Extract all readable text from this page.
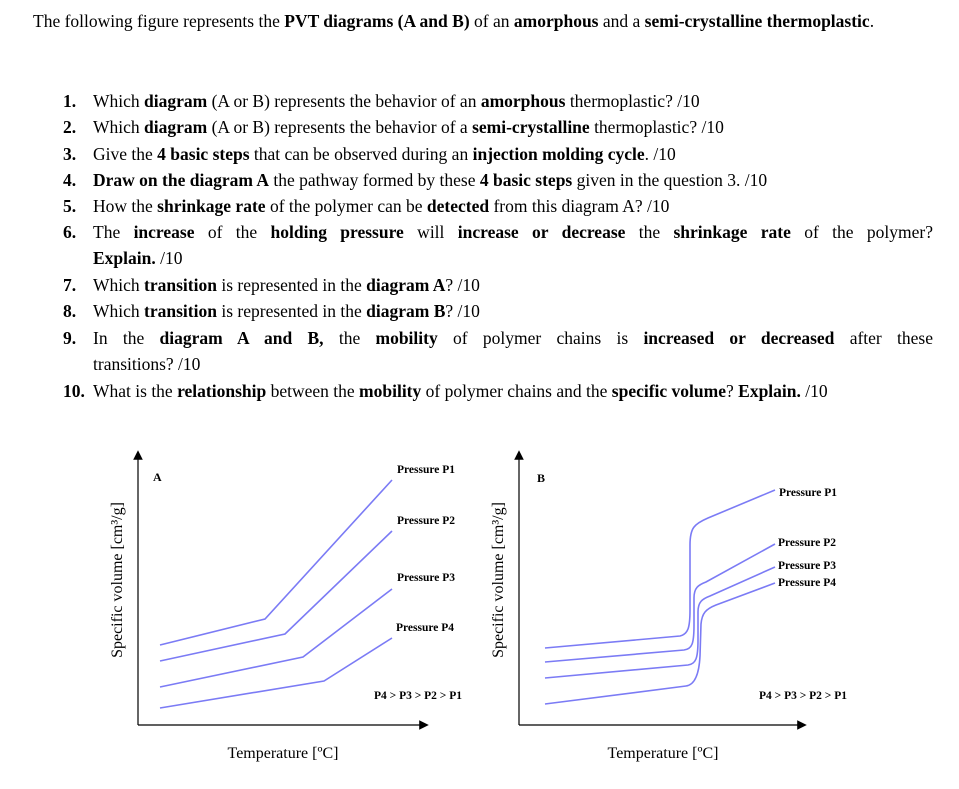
The following figure represents the PVT diagrams (A and B) of an amorphous and a semi-crystalline thermoplastic.
1. Which diagram (A or B) represents the behavior of an amorphous thermoplastic? /10
2. Which diagram (A or B) represents the behavior of a semi-crystalline thermoplastic? /10
3. Give the 4 basic steps that can be observed during an injection molding cycle. /10
4. Draw on the diagram A the pathway formed by these 4 basic steps given in the question 3. /10
5. How the shrinkage rate of the polymer can be detected from this diagram A? /10
6. The increase of the holding pressure will increase or decrease the shrinkage rate of the polymer?
Explain. /10
7. Which transition is represented in the diagram A? /10
8. Which transition is represented in the diagram B? /10
9. In the diagram A and B, the mobility of polymer chains is increased or decreased after these
transitions? /10
10. What is the relationship between the mobility of polymer chains and the specific volume? Explain. /10
A
Specific volume [cm³/g]
Temperature [ºC]
Pressure P1
Pressure P2
Pressure P3
Pressure P4
P4 > P3 > P2 > P1
B
Specific volume [cm³/g]
Temperature [ºC]
Pressure P1
Pressure P2
Pressure P3
Pressure P4
P4 > P3 > P2 > P1
